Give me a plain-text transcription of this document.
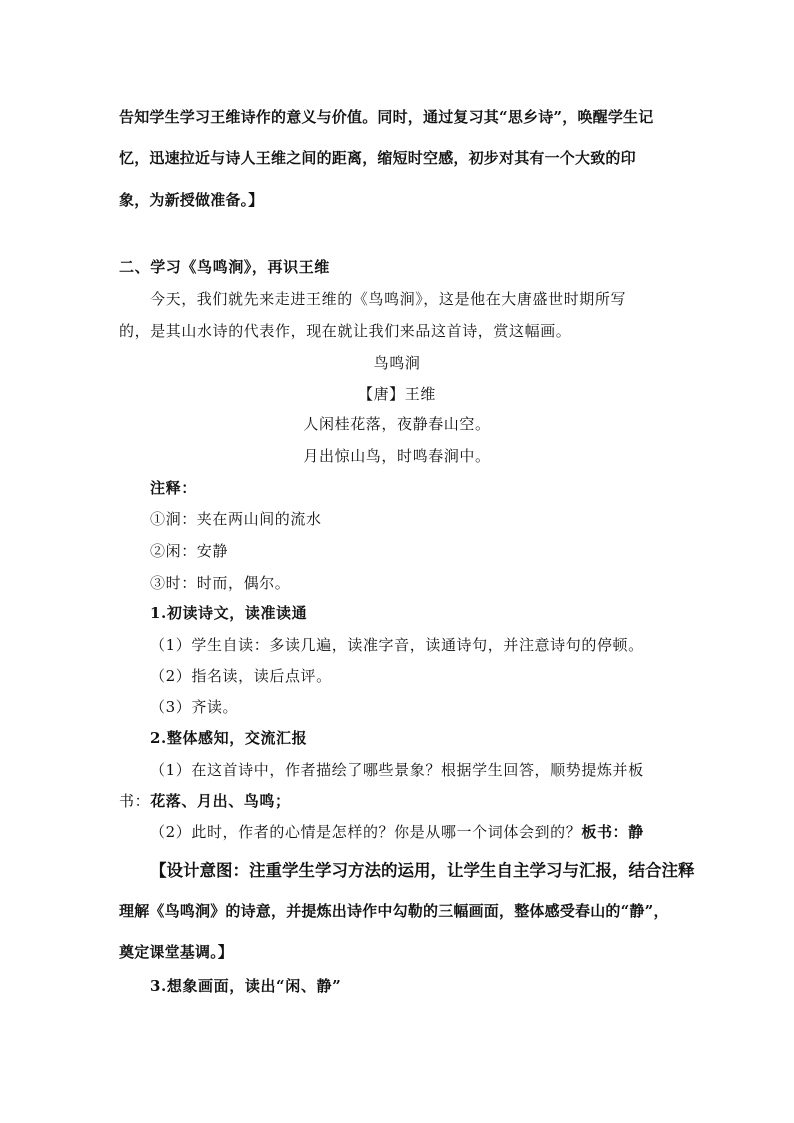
告知学生学习王维诗作的意义与价值。同时，通过复习其“思乡诗”，唤醒学生记
忆，迅速拉近与诗人王维之间的距离，缩短时空感，初步对其有一个大致的印
象，为新授做准备。】
二、学习《鸟鸣涧》，再识王维
今天，我们就先来走进王维的《鸟鸣涧》，这是他在大唐盛世时期所写
的，是其山水诗的代表作，现在就让我们来品这首诗，赏这幅画。
鸟鸣涧
【唐】王维
人闲桂花落，夜静春山空。
月出惊山鸟，时鸣春涧中。
注释：
①涧：夹在两山间的流水
②闲：安静
③时：时而，偶尔。
1.初读诗文，读准读通
（1）学生自读：多读几遍，读准字音，读通诗句，并注意诗句的停顿。
（2）指名读，读后点评。
（3）齐读。
2.整体感知，交流汇报
（1）在这首诗中，作者描绘了哪些景象？根据学生回答，顺势提炼并板
书：花落、月出、鸟鸣；
（2）此时，作者的心情是怎样的？你是从哪一个词体会到的？板书：静
【设计意图：注重学生学习方法的运用，让学生自主学习与汇报，结合注释
理解《鸟鸣涧》的诗意，并提炼出诗作中勾勒的三幅画面，整体感受春山的“静”，
奠定课堂基调。】
3.想象画面，读出“闲、静”
